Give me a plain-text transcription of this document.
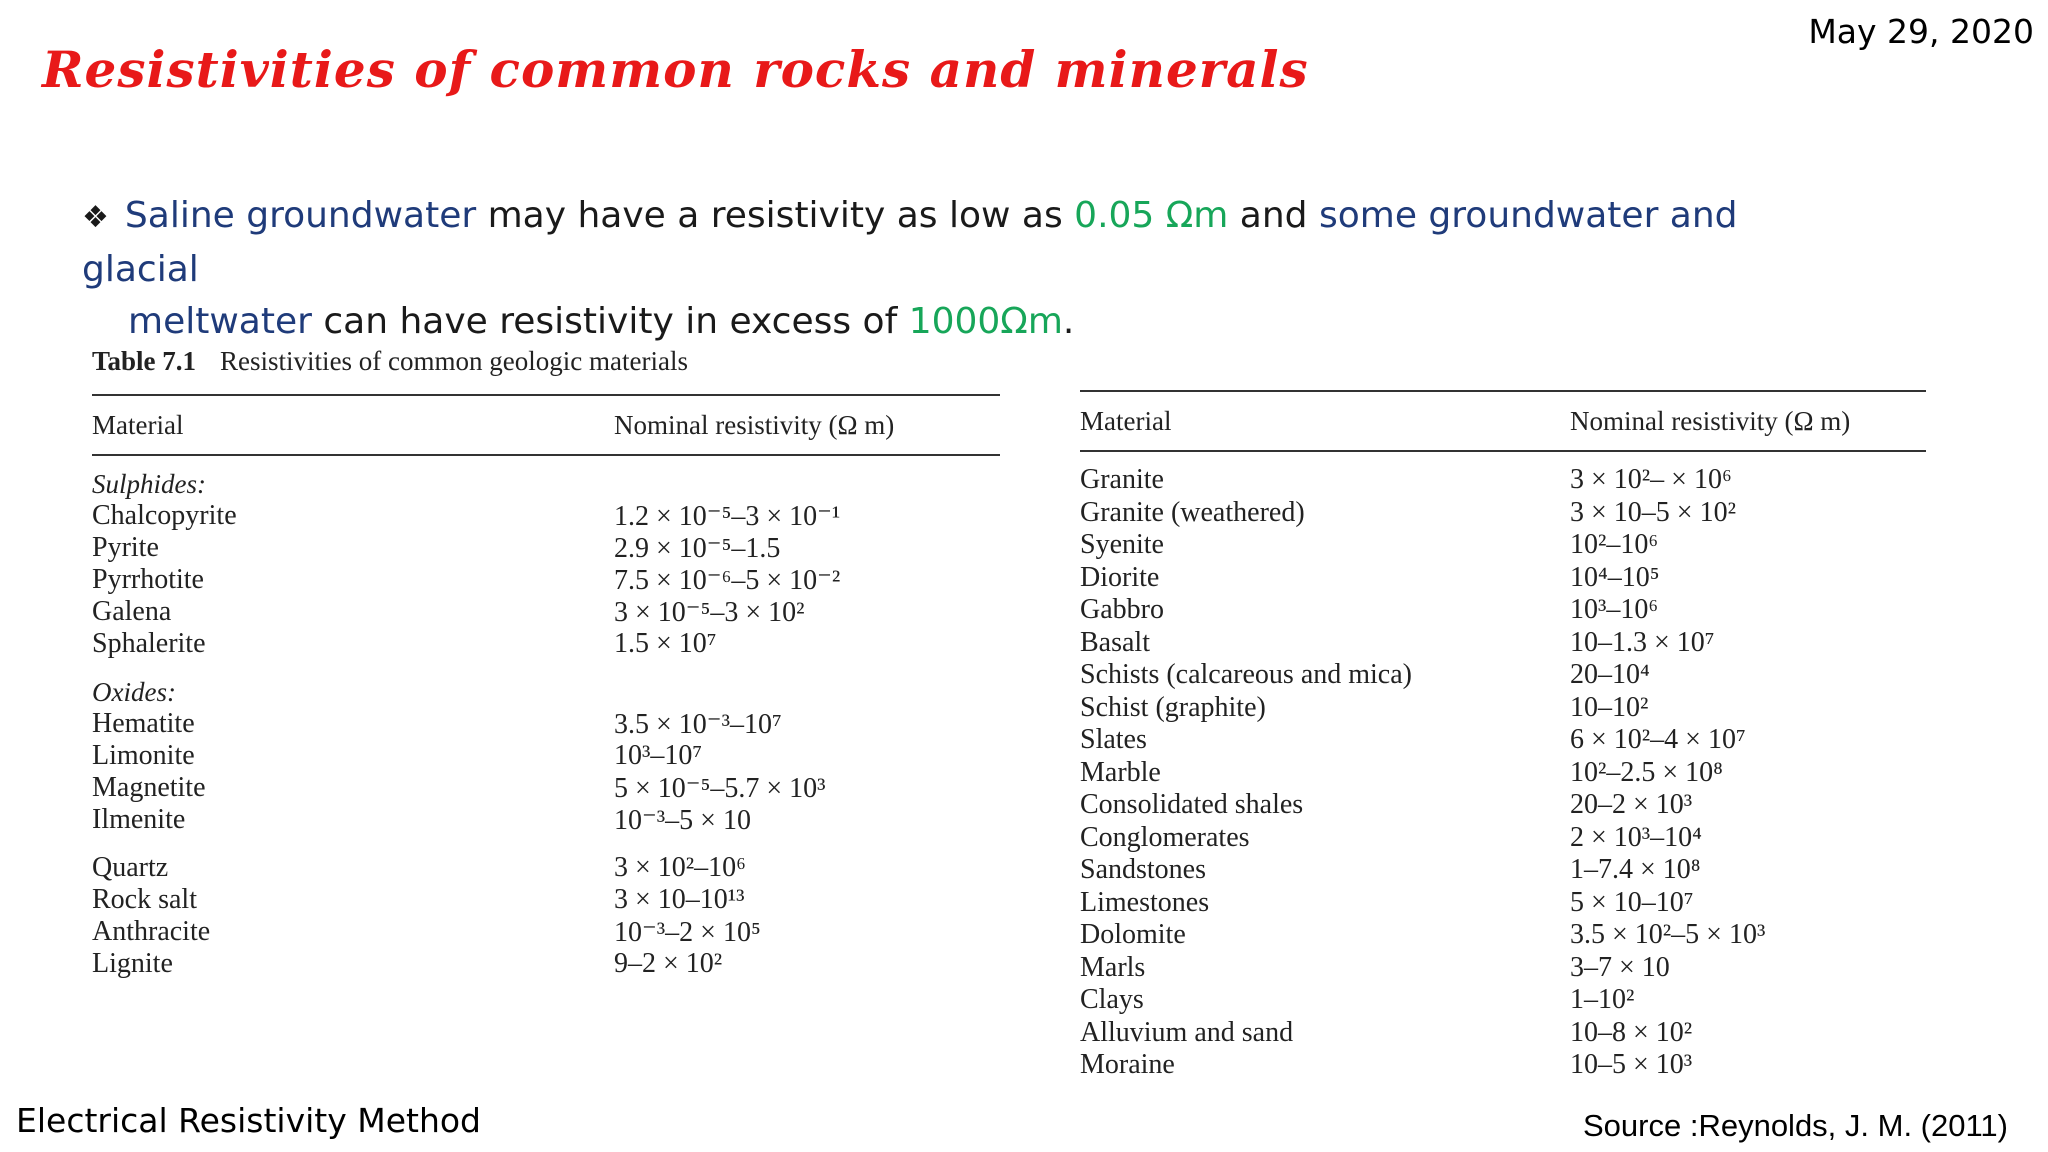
May 29, 2020
Resistivities of common rocks and minerals
❖ Saline groundwater may have a resistivity as low as 0.05 Ωm and some groundwater and glacial
meltwater can have resistivity in excess of 1000Ωm.
Table 7.1 Resistivities of common geologic materials
Material	Nominal resistivity (Ω m)
Sulphides:
Chalcopyrite	1.2 × 10⁻⁵–3 × 10⁻¹
Pyrite	2.9 × 10⁻⁵–1.5
Pyrrhotite	7.5 × 10⁻⁶–5 × 10⁻²
Galena	3 × 10⁻⁵–3 × 10²
Sphalerite	1.5 × 10⁷
Oxides:
Hematite	3.5 × 10⁻³–10⁷
Limonite	10³–10⁷
Magnetite	5 × 10⁻⁵–5.7 × 10³
Ilmenite	10⁻³–5 × 10
Quartz	3 × 10²–10⁶
Rock salt	3 × 10–10¹³
Anthracite	10⁻³–2 × 10⁵
Lignite	9–2 × 10²
Material	Nominal resistivity (Ω m)
Granite	3 × 10²– × 10⁶
Granite (weathered)	3 × 10–5 × 10²
Syenite	10²–10⁶
Diorite	10⁴–10⁵
Gabbro	10³–10⁶
Basalt	10–1.3 × 10⁷
Schists (calcareous and mica)	20–10⁴
Schist (graphite)	10–10²
Slates	6 × 10²–4 × 10⁷
Marble	10²–2.5 × 10⁸
Consolidated shales	20–2 × 10³
Conglomerates	2 × 10³–10⁴
Sandstones	1–7.4 × 10⁸
Limestones	5 × 10–10⁷
Dolomite	3.5 × 10²–5 × 10³
Marls	3–7 × 10
Clays	1–10²
Alluvium and sand	10–8 × 10²
Moraine	10–5 × 10³
Electrical Resistivity Method	Source :Reynolds, J. M. (2011)
